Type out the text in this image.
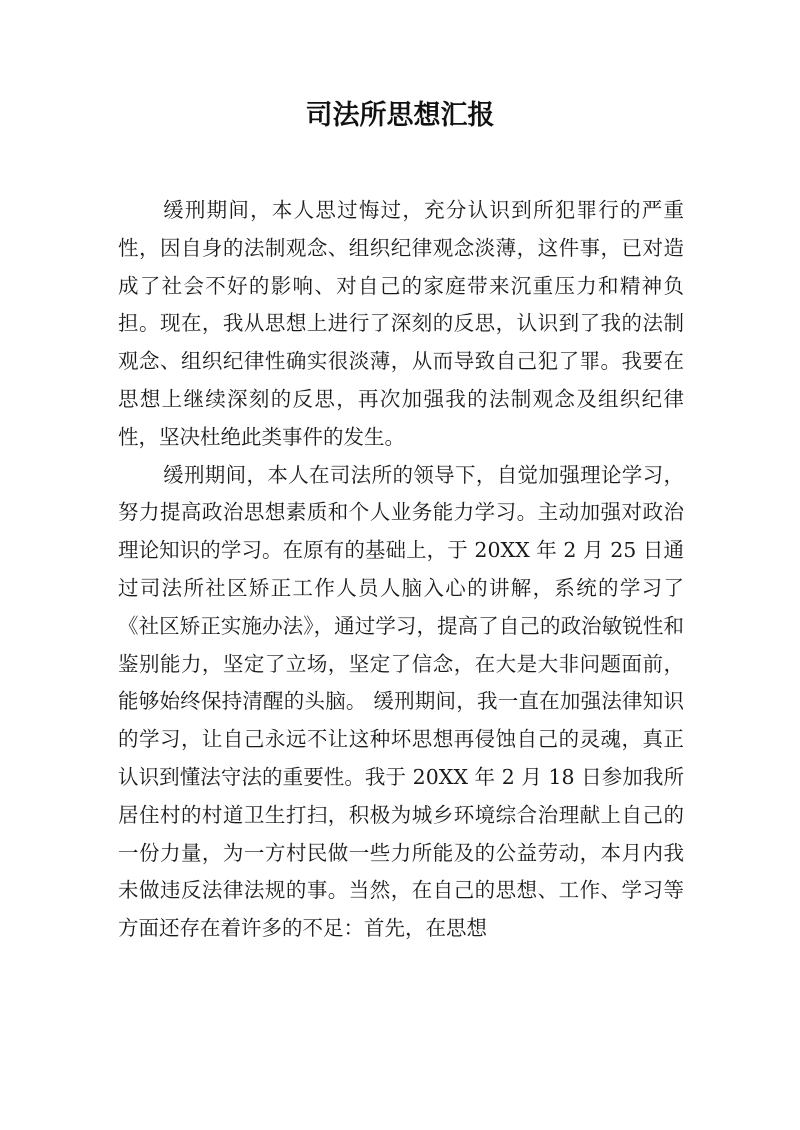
司法所思想汇报

缓刑期间，本人思过悔过，充分认识到所犯罪行的严重性，因自身的法制观念、组织纪律观念淡薄，这件事，已对造成了社会不好的影响、对自己的家庭带来沉重压力和精神负担。现在，我从思想上进行了深刻的反思，认识到了我的法制观念、组织纪律性确实很淡薄，从而导致自己犯了罪。我要在思想上继续深刻的反思，再次加强我的法制观念及组织纪律性，坚决杜绝此类事件的发生。

缓刑期间，本人在司法所的领导下，自觉加强理论学习，努力提高政治思想素质和个人业务能力学习。主动加强对政治理论知识的学习。在原有的基础上，于 20XX 年 2 月 25 日通过司法所社区矫正工作人员人脑入心的讲解，系统的学习了《社区矫正实施办法》，通过学习，提高了自己的政治敏锐性和鉴别能力，坚定了立场，坚定了信念，在大是大非问题面前，能够始终保持清醒的头脑。 缓刑期间，我一直在加强法律知识的学习，让自己永远不让这种坏思想再侵蚀自己的灵魂，真正认识到懂法守法的重要性。我于 20XX 年 2 月 18 日参加我所居住村的村道卫生打扫，积极为城乡环境综合治理献上自己的一份力量，为一方村民做一些力所能及的公益劳动，本月内我未做违反法律法规的事。当然，在自己的思想、工作、学习等方面还存在着许多的不足：首先，在思想
